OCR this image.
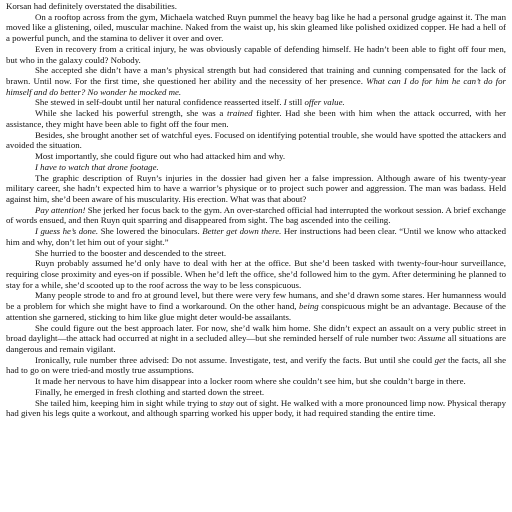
Korsan had definitely overstated the disabilities.

On a rooftop across from the gym, Michaela watched Ruyn pummel the heavy bag like he had a personal grudge against it. The man moved like a glistening, oiled, muscular machine. Naked from the waist up, his skin gleamed like polished oxidized copper. He had a hell of a powerful punch, and the stamina to deliver it over and over.

Even in recovery from a critical injury, he was obviously capable of defending himself. He hadn’t been able to fight off four men, but who in the galaxy could? Nobody.

She accepted she didn’t have a man’s physical strength but had considered that training and cunning compensated for the lack of brawn. Until now. For the first time, she questioned her ability and the necessity of her presence. What can I do for him he can’t do for himself and do better? No wonder he mocked me.

She stewed in self-doubt until her natural confidence reasserted itself. I still offer value.

While she lacked his powerful strength, she was a trained fighter. Had she been with him when the attack occurred, with her assistance, they might have been able to fight off the four men.

Besides, she brought another set of watchful eyes. Focused on identifying potential trouble, she would have spotted the attackers and avoided the situation.

Most importantly, she could figure out who had attacked him and why.

I have to watch that drone footage.

The graphic description of Ruyn’s injuries in the dossier had given her a false impression. Although aware of his twenty-year military career, she hadn’t expected him to have a warrior’s physique or to project such power and aggression. The man was badass. Held against him, she’d been aware of his muscularity. His erection. What was that about?

Pay attention! She jerked her focus back to the gym. An over-starched official had interrupted the workout session. A brief exchange of words ensued, and then Ruyn quit sparring and disappeared from sight. The bag ascended into the ceiling.

I guess he’s done. She lowered the binoculars. Better get down there. Her instructions had been clear. “Until we know who attacked him and why, don’t let him out of your sight.”

She hurried to the booster and descended to the street.

Ruyn probably assumed he’d only have to deal with her at the office. But she’d been tasked with twenty-four-hour surveillance, requiring close proximity and eyes-on if possible. When he’d left the office, she’d followed him to the gym. After determining he planned to stay for a while, she’d scooted up to the roof across the way to be less conspicuous.

Many people strode to and fro at ground level, but there were very few humans, and she’d drawn some stares. Her humanness would be a problem for which she might have to find a workaround. On the other hand, being conspicuous might be an advantage. Because of the attention she garnered, sticking to him like glue might deter would-be assailants.

She could figure out the best approach later. For now, she’d walk him home. She didn’t expect an assault on a very public street in broad daylight—the attack had occurred at night in a secluded alley—but she reminded herself of rule number two: Assume all situations are dangerous and remain vigilant.

Ironically, rule number three advised: Do not assume. Investigate, test, and verify the facts. But until she could get the facts, all she had to go on were tried-and mostly true assumptions.

It made her nervous to have him disappear into a locker room where she couldn’t see him, but she couldn’t barge in there.

Finally, he emerged in fresh clothing and started down the street.

She tailed him, keeping him in sight while trying to stay out of sight. He walked with a more pronounced limp now. Physical therapy had given his legs quite a workout, and although sparring worked his upper body, it had required standing the entire time.
